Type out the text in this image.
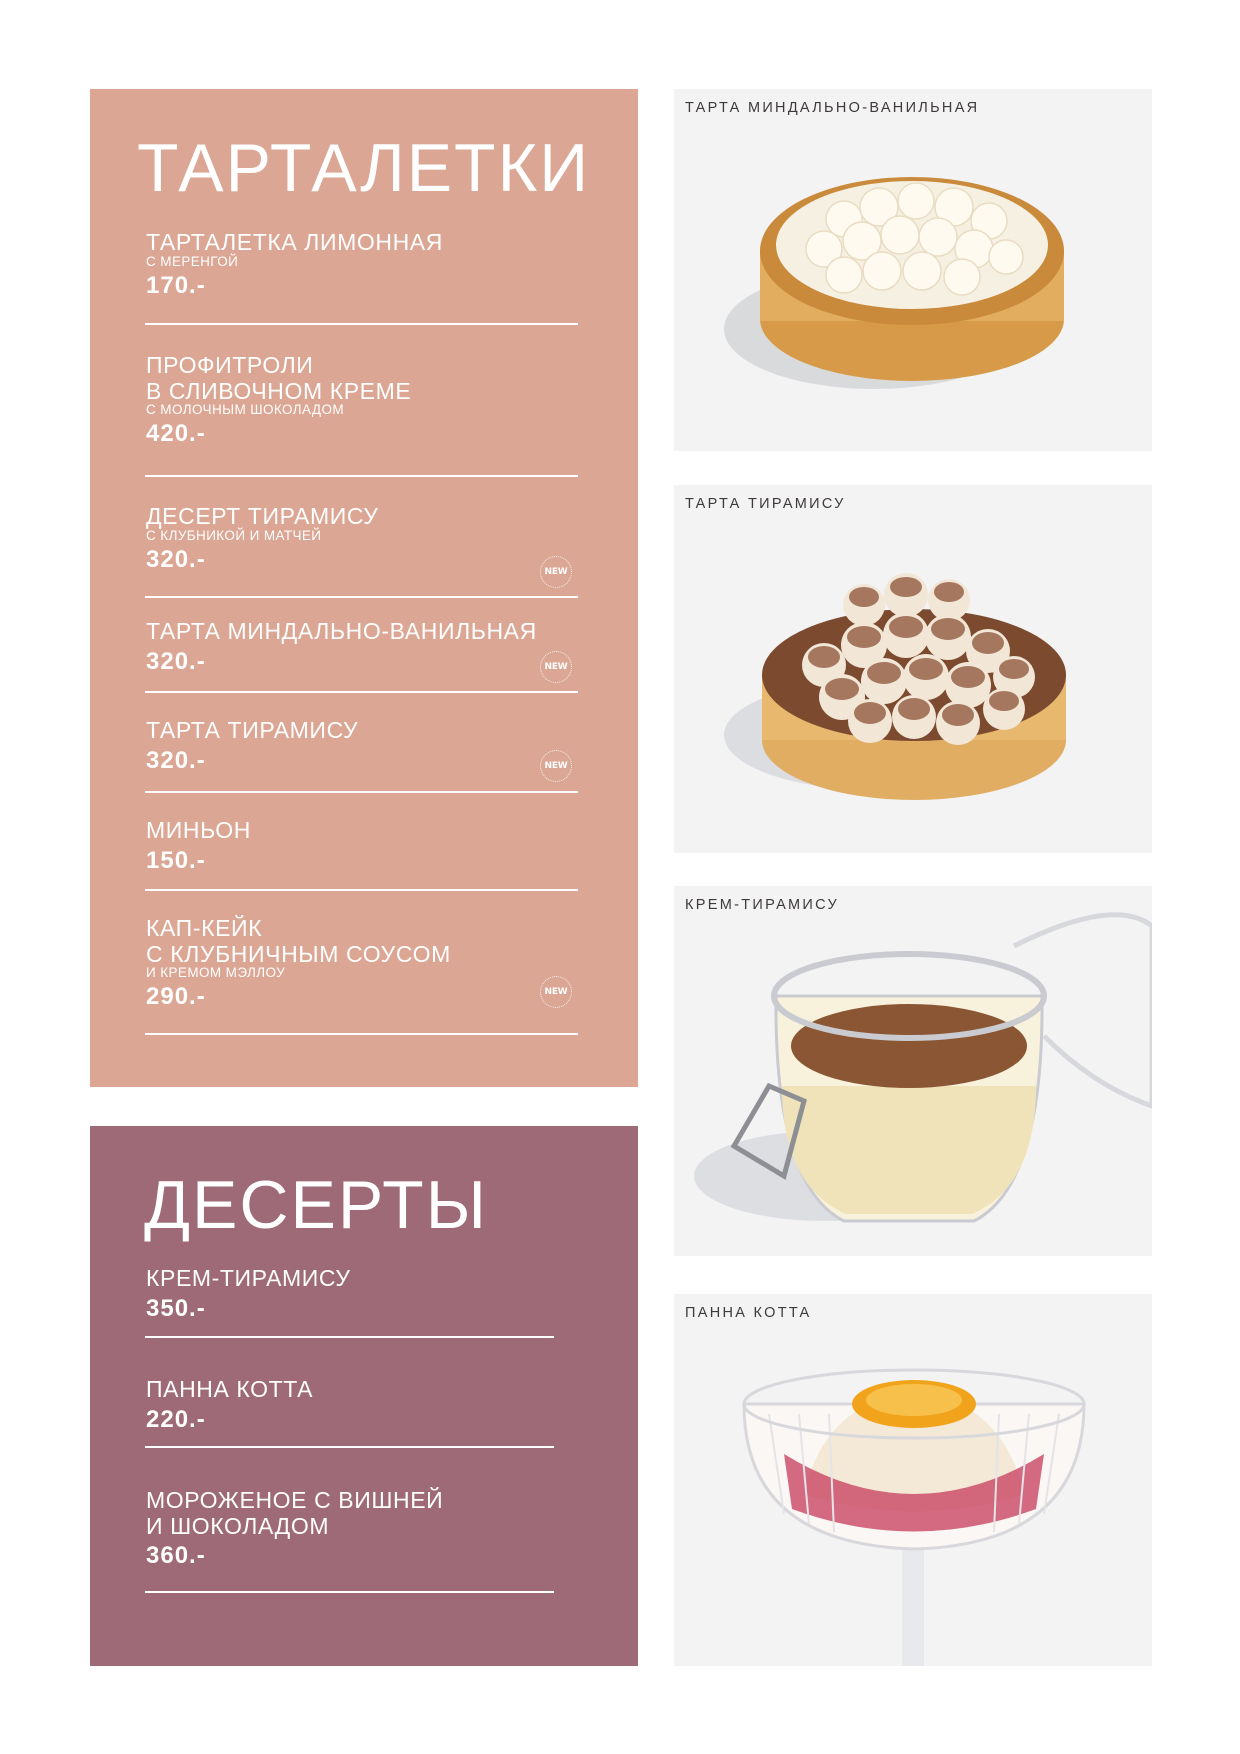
ТАРТАЛЕТКИ
ТАРТАЛЕТКА ЛИМОННАЯ
С МЕРЕНГОЙ
170.-
ПРОФИТРОЛИ
В СЛИВОЧНОМ КРЕМЕ
С МОЛОЧНЫМ ШОКОЛАДОМ
420.-
ДЕСЕРТ ТИРАМИСУ
С КЛУБНИКОЙ И МАТЧЕЙ
320.-	NEW
ТАРТА МИНДАЛЬНО-ВАНИЛЬНАЯ
320.-	NEW
ТАРТА ТИРАМИСУ
320.-	NEW
МИНЬОН
150.-
КАП-КЕЙК
С КЛУБНИЧНЫМ СОУСОМ
И КРЕМОМ МЭЛЛОУ
290.-	NEW
ДЕСЕРТЫ
КРЕМ-ТИРАМИСУ
350.-
ПАННА КОТТА
220.-
МОРОЖЕНОЕ С ВИШНЕЙ
И ШОКОЛАДОМ
360.-
ТАРТА МИНДАЛЬНО-ВАНИЛЬНАЯ
ТАРТА ТИРАМИСУ
КРЕМ-ТИРАМИСУ
ПАННА КОТТА
